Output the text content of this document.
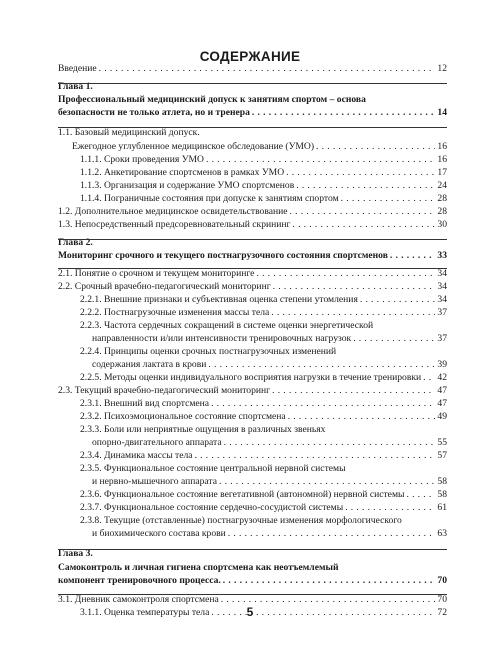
СОДЕРЖАНИЕ
Введение . . .	12
Глава 1.
Профессиональный медицинский допуск к занятиям спортом – основа
безопасности не только атлета, но и тренера . . .	14
1.1. Базовый медицинский допуск.
Ежегодное углубленное медицинское обследование (УМО) . . .	16
1.1.1. Сроки проведения УМО . . .	16
1.1.2. Анкетирование спортсменов в рамках УМО . . .	17
1.1.3. Организация и содержание УМО спортсменов . . .	24
1.1.4. Пограничные состояния при допуске к занятиям спортом . . .	28
1.2. Дополнительное медицинское освидетельствование . . .	28
1.3. Непосредственный предсоревновательный скрининг . . .	30
Глава 2.
Мониторинг срочного и текущего постнагрузочного состояния спортсменов . . .	33
2.1. Понятие о срочном и текущем мониторинге . . .	34
2.2. Срочный врачебно-педагогический мониторинг . . .	34
2.2.1. Внешние признаки и субъективная оценка степени утомления . . .	34
2.2.2. Постнагрузочные изменения массы тела . . .	37
2.2.3. Частота сердечных сокращений в системе оценки энергетической
направленности и/или интенсивности тренировочных нагрузок . . .	37
2.2.4. Принципы оценки срочных постнагрузочных изменений
содержания лактата в крови . . .	39
2.2.5. Методы оценки индивидуального восприятия нагрузки в течение тренировки . . . 42
2.3. Текущий врачебно-педагогический мониторинг . . .	47
2.3.1. Внешний вид спортсмена . . .	47
2.3.2. Психоэмоциональное состояние спортсмена . . .	49
2.3.3. Боли или неприятные ощущения в различных звеньях
опорно-двигательного аппарата . . .	55
2.3.4. Динамика массы тела . . .	57
2.3.5. Функциональное состояние центральной нервной системы
и нервно-мышечного аппарата . . .	58
2.3.6. Функциональное состояние вегетативной (автономной) нервной системы . . .	58
2.3.7. Функциональное состояние сердечно-сосудистой системы . . .	61
2.3.8. Текущие (отставленные) постнагрузочные изменения морфологического
и биохимического состава крови . . .	63
Глава 3.
Самоконтроль и личная гигиена спортсмена как неотъемлемый
компонент тренировочного процесса. . . .	70
3.1. Дневник самоконтроля спортсмена . . .	70
3.1.1. Оценка температуры тела . . .	72
5
